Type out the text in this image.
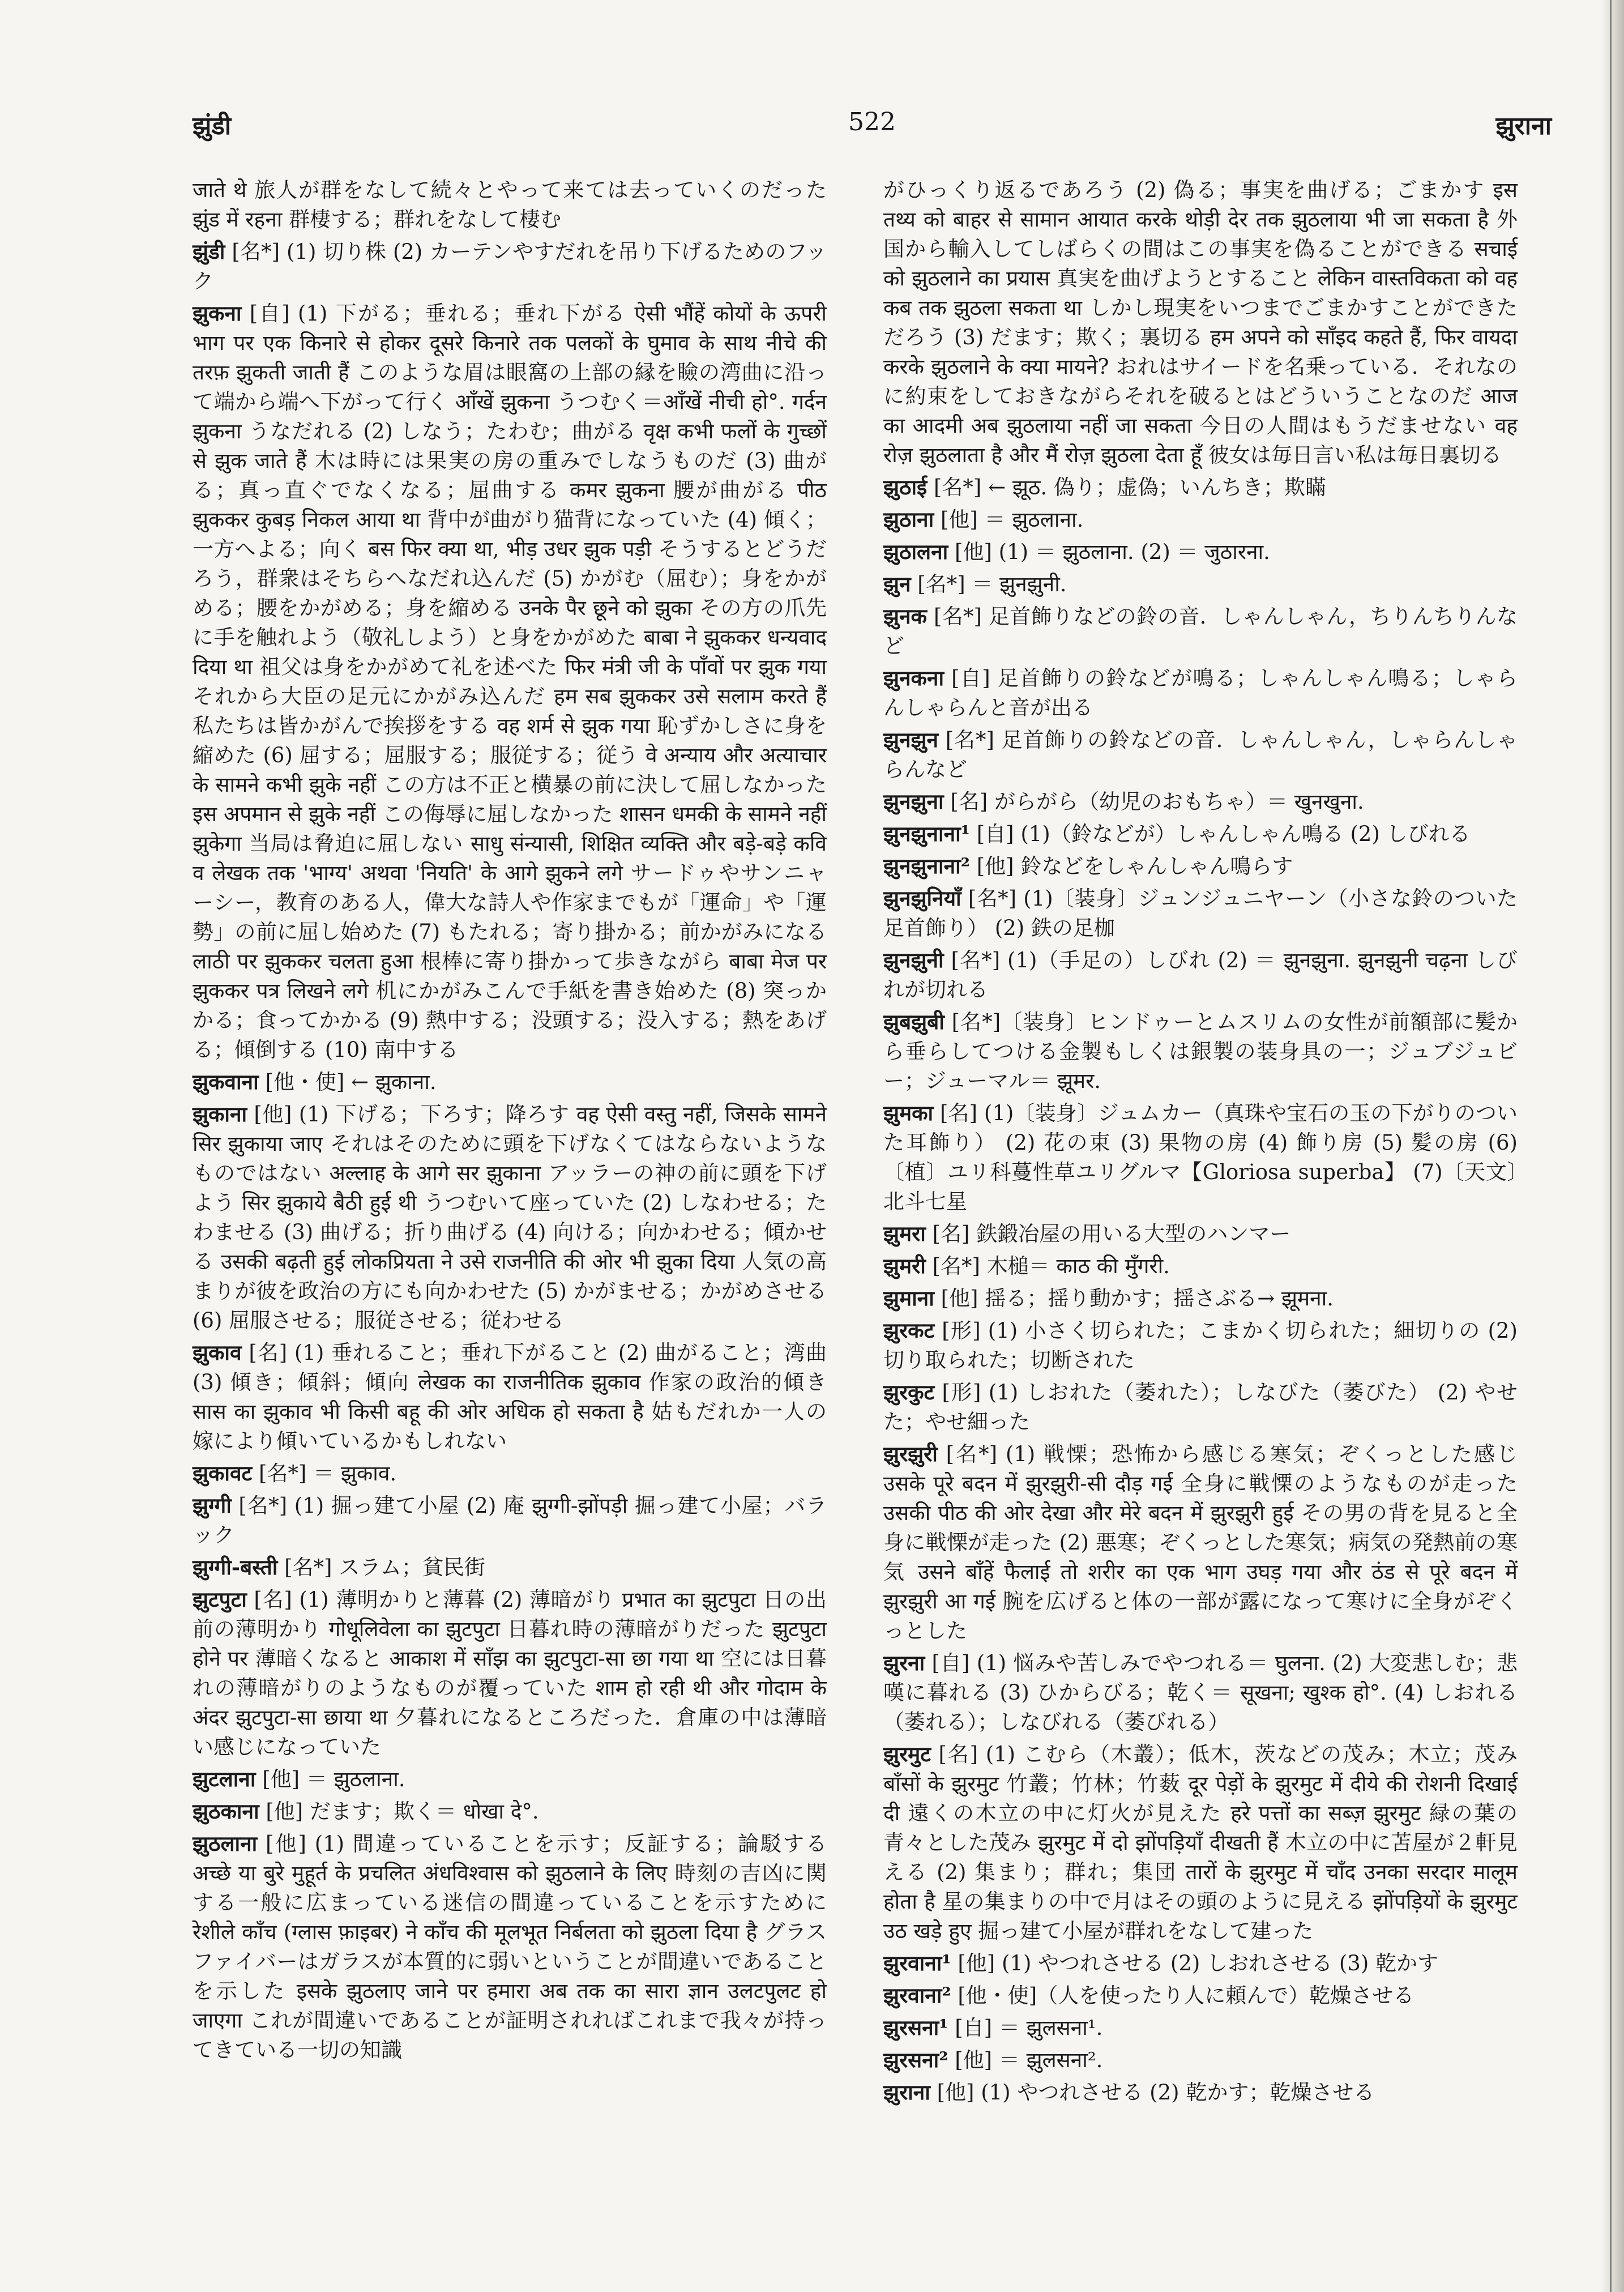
522
झुंडी	झुराना

जाते थे 旅人が群をなして続々とやって来ては去っていくのだった झुंड में रहना 群棲する；群れをなして棲む

झुंडी [名*] (1) 切り株 (2) カーテンやすだれを吊り下げるためのフック

झुकना [自] (1) 下がる；垂れる；垂れ下がる ऐसी भौंहें कोयों के ऊपरी भाग पर एक किनारे से होकर दूसरे किनारे तक पलकों के घुमाव के साथ नीचे की तरफ़ झुकती जाती हैं このような眉は眼窩の上部の縁を瞼の湾曲に沿って端から端へ下がって行く आँखें झुकना うつむく＝आँखें नीची हो°. गर्दन झुकना うなだれる (2) しなう；たわむ；曲がる वृक्ष कभी फलों के गुच्छों से झुक जाते हैं 木は時には果実の房の重みでしなうものだ (3) 曲がる；真っ直ぐでなくなる；屈曲する कमर झुकना 腰が曲がる पीठ झुककर कुबड़ निकल आया था 背中が曲がり猫背になっていた (4) 傾く；一方へよる；向く बस फिर क्या था, भीड़ उधर झुक पड़ी そうするとどうだろう，群衆はそちらへなだれ込んだ (5) かがむ（屈む）；身をかがめる；腰をかがめる；身を縮める उनके पैर छूने को झुका その方の爪先に手を触れよう（敬礼しよう）と身をかがめた बाबा ने झुककर धन्यवाद दिया था 祖父は身をかがめて礼を述べた फिर मंत्री जी के पाँवों पर झुक गया それから大臣の足元にかがみ込んだ हम सब झुककर उसे सलाम करते हैं 私たちは皆かがんで挨拶をする वह शर्म से झुक गया 恥ずかしさに身を縮めた (6) 屈する；屈服する；服従する；従う वे अन्याय और अत्याचार के सामने कभी झुके नहीं この方は不正と横暴の前に決して屈しなかった इस अपमान से झुके नहीं この侮辱に屈しなかった शासन धमकी के सामने नहीं झुकेगा 当局は脅迫に屈しない साधु संन्यासी, शिक्षित व्यक्ति और बड़े-बड़े कवि व लेखक तक 'भाग्य' अथवा 'नियति' के आगे झुकने लगे サードゥやサンニャーシー，教育のある人，偉大な詩人や作家までもが「運命」や「運勢」の前に屈し始めた (7) もたれる；寄り掛かる；前かがみになる लाठी पर झुककर चलता हुआ 根棒に寄り掛かって歩きながら बाबा मेज पर झुककर पत्र लिखने लगे 机にかがみこんで手紙を書き始めた (8) 突っかかる；食ってかかる (9) 熱中する；没頭する；没入する；熱をあげる；傾倒する (10) 南中する

झुकवाना [他・使] ← झुकाना.

झुकाना [他] (1) 下げる；下ろす；降ろす वह ऐसी वस्तु नहीं, जिसके सामने सिर झुकाया जाए それはそのために頭を下げなくてはならないようなものではない अल्लाह के आगे सर झुकाना アッラーの神の前に頭を下げよう सिर झुकाये बैठी हुई थी うつむいて座っていた (2) しなわせる；たわませる (3) 曲げる；折り曲げる (4) 向ける；向かわせる；傾かせる उसकी बढ़ती हुई लोकप्रियता ने उसे राजनीति की ओर भी झुका दिया 人気の高まりが彼を政治の方にも向かわせた (5) かがませる；かがめさせる (6) 屈服させる；服従させる；従わせる

झुकाव [名] (1) 垂れること；垂れ下がること (2) 曲がること；湾曲 (3) 傾き；傾斜；傾向 लेखक का राजनीतिक झुकाव 作家の政治的傾き सास का झुकाव भी किसी बहू की ओर अधिक हो सकता है 姑もだれか一人の嫁により傾いているかもしれない

झुकावट [名*] ＝ झुकाव.

झुग्गी [名*] (1) 掘っ建て小屋 (2) 庵 झुग्गी-झोंपड़ी 掘っ建て小屋；バラック

झुग्गी-बस्ती [名*] スラム；貧民街

झुटपुटा [名] (1) 薄明かりと薄暮 (2) 薄暗がり प्रभात का झुटपुटा 日の出前の薄明かり गोधूलिवेला का झुटपुटा 日暮れ時の薄暗がりだった झुटपुटा होने पर 薄暗くなると आकाश में साँझ का झुटपुटा-सा छा गया था 空には日暮れの薄暗がりのようなものが覆っていた शाम हो रही थी और गोदाम के अंदर झुटपुटा-सा छाया था 夕暮れになるところだった．倉庫の中は薄暗い感じになっていた

झुटलाना [他] ＝ झुठलाना.

झुठकाना [他] だます；欺く＝ धोखा दे°.

झुठलाना [他] (1) 間違っていることを示す；反証する；論駁する अच्छे या बुरे मुहूर्त के प्रचलित अंधविश्वास को झुठलाने के लिए 時刻の吉凶に関する一般に広まっている迷信の間違っていることを示すために रेशीले काँच (ग्लास फ़ाइबर) ने काँच की मूलभूत निर्बलता को झुठला दिया है グラスファイバーはガラスが本質的に弱いということが間違いであることを示した इसके झुठलाए जाने पर हमारा अब तक का सारा ज्ञान उलटपुलट हो जाएगा これが間違いであることが証明されればこれまで我々が持ってきている一切の知識

がひっくり返るであろう (2) 偽る；事実を曲げる；ごまかす इस तथ्य को बाहर से सामान आयात करके थोड़ी देर तक झुठलाया भी जा सकता है 外国から輸入してしばらくの間はこの事実を偽ることができる सचाई को झुठलाने का प्रयास 真実を曲げようとすること लेकिन वास्तविकता को वह कब तक झुठला सकता था しかし現実をいつまでごまかすことができただろう (3) だます；欺く；裏切る हम अपने को साँइद कहते हैं, फिर वायदा करके झुठलाने के क्या मायने? おれはサイードを名乗っている．それなのに約束をしておきながらそれを破るとはどういうことなのだ आज का आदमी अब झुठलाया नहीं जा सकता 今日の人間はもうだませない वह रोज़ झुठलाता है और मैं रोज़ झुठला देता हूँ 彼女は毎日言い私は毎日裏切る

झुठाई [名*] ← झूठ. 偽り；虚偽；いんちき；欺瞞

झुठाना [他] ＝ झुठलाना.

झुठालना [他] (1) ＝ झुठलाना. (2) ＝ जुठारना.

झुन [名*] ＝ झुनझुनी.

झुनक [名*] 足首飾りなどの鈴の音．しゃんしゃん，ちりんちりんなど

झुनकना [自] 足首飾りの鈴などが鳴る；しゃんしゃん鳴る；しゃらんしゃらんと音が出る

झुनझुन [名*] 足首飾りの鈴などの音．しゃんしゃん，しゃらんしゃらんなど

झुनझुना [名] がらがら（幼児のおもちゃ）＝ खुनखुना.

झुनझुनाना¹ [自] (1)（鈴などが）しゃんしゃん鳴る (2) しびれる

झुनझुनाना² [他] 鈴などをしゃんしゃん鳴らす

झुनझुनियाँ [名*] (1)〔装身〕ジュンジュニヤーン（小さな鈴のついた足首飾り） (2) 鉄の足枷

झुनझुनी [名*] (1)（手足の）しびれ (2) ＝ झुनझुना. झुनझुनी चढ़ना しびれが切れる

झुबझुबी [名*]〔装身〕ヒンドゥーとムスリムの女性が前額部に髪から垂らしてつける金製もしくは銀製の装身具の一；ジュブジュビー；ジューマル＝ झूमर.

झुमका [名] (1)〔装身〕ジュムカー（真珠や宝石の玉の下がりのついた耳飾り） (2) 花の束 (3) 果物の房 (4) 飾り房 (5) 髪の房 (6)〔植〕ユリ科蔓性草ユリグルマ【Gloriosa superba】 (7)〔天文〕北斗七星

झुमरा [名] 鉄鍛冶屋の用いる大型のハンマー

झुमरी [名*] 木槌＝ काठ की मुँगरी.

झुमाना [他] 揺る；揺り動かす；揺さぶる→ झूमना.

झुरकट [形] (1) 小さく切られた；こまかく切られた；細切りの (2) 切り取られた；切断された

झुरकुट [形] (1) しおれた（萎れた）；しなびた（萎びた） (2) やせた；やせ細った

झुरझुरी [名*] (1) 戦慄；恐怖から感じる寒気；ぞくっとした感じ उसके पूरे बदन में झुरझुरी-सी दौड़ गई 全身に戦慄のようなものが走った उसकी पीठ की ओर देखा और मेरे बदन में झुरझुरी हुई その男の背を見ると全身に戦慄が走った (2) 悪寒；ぞくっとした寒気；病気の発熱前の寒気 उसने बाँहें फैलाई तो शरीर का एक भाग उघड़ गया और ठंड से पूरे बदन में झुरझुरी आ गई 腕を広げると体の一部が露になって寒けに全身がぞくっとした

झुरना [自] (1) 悩みや苦しみでやつれる＝ घुलना. (2) 大変悲しむ；悲嘆に暮れる (3) ひからびる；乾く＝ सूखना; खुश्क हो°. (4) しおれる（萎れる）；しなびれる（萎びれる）

झुरमुट [名] (1) こむら（木叢）；低木，茨などの茂み；木立；茂み बाँसों के झुरमुट 竹叢；竹林；竹薮 दूर पेड़ों के झुरमुट में दीये की रोशनी दिखाई दी 遠くの木立の中に灯火が見えた हरे पत्तों का सब्ज़ झुरमुट 緑の葉の青々とした茂み झुरमुट में दो झोंपड़ियाँ दीखती हैं 木立の中に苫屋が２軒見える (2) 集まり；群れ；集団 तारों के झुरमुट में चाँद उनका सरदार मालूम होता है 星の集まりの中で月はその頭のように見える झोंपड़ियों के झुरमुट उठ खड़े हुए 掘っ建て小屋が群れをなして建った

झुरवाना¹ [他] (1) やつれさせる (2) しおれさせる (3) 乾かす

झुरवाना² [他・使]（人を使ったり人に頼んで）乾燥させる

झुरसना¹ [自] ＝ झुलसना¹.

झुरसना² [他] ＝ झुलसना².

झुराना [他] (1) やつれさせる (2) 乾かす；乾燥させる
